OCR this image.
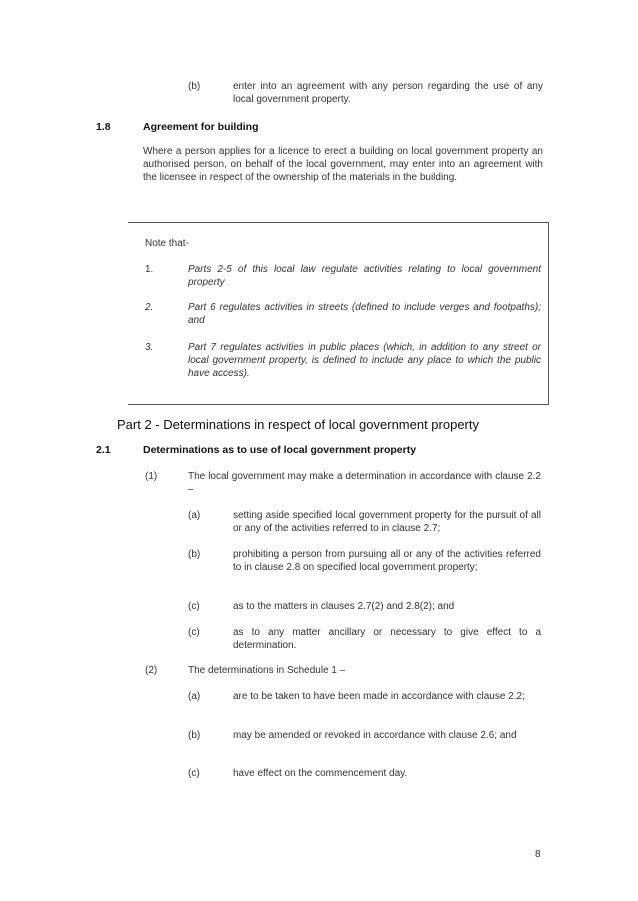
(b)	enter into an agreement with any person regarding the use of any local government property.
1.8	Agreement for building
Where a person applies for a licence to erect a building on local government property an authorised person, on behalf of the local government, may enter into an agreement with the licensee in respect of the ownership of the materials in the building.
Note that-
1.	Parts 2-5 of this local law regulate activities relating to local government property
2.	Part 6 regulates activities in streets (defined to include verges and footpaths); and
3.	Part 7 regulates activities in public places (which, in addition to any street or local government property, is defined to include any place to which the public have access).
Part 2 - Determinations in respect of local government property
2.1	Determinations as to use of local government property
(1)	The local government may make a determination in accordance with clause 2.2 –
(a)	setting aside specified local government property for the pursuit of all or any of the activities referred to in clause 2.7;
(b)	prohibiting a person from pursuing all or any of the activities referred to in clause 2.8 on specified local government property;
(c)	as to the matters in clauses 2.7(2) and 2.8(2); and
(c)	as to any matter ancillary or necessary to give effect to a determination.
(2)	The determinations in Schedule 1 –
(a)	are to be taken to have been made in accordance with clause 2.2;
(b)	may be amended or revoked in accordance with clause 2.6; and
(c)	have effect on the commencement day.
8
